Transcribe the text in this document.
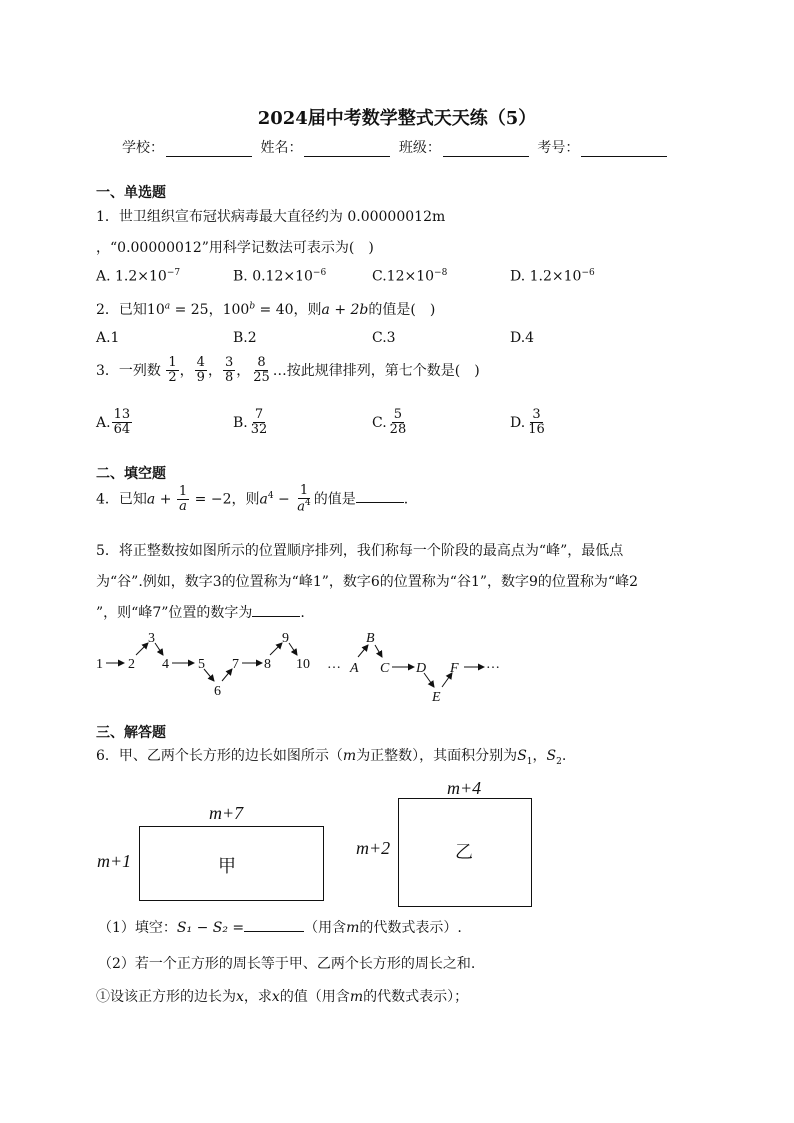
2024届中考数学整式天天练（5）
学校：	姓名：	班级：	考号：
一、单选题
1．世卫组织宣布冠状病毒最大直径约为 0.00000012m
，“0.00000012”用科学记数法可表示为(　)
A. $1.2\times 10^{-7}$	B. $0.12\times 10^{-6}$	$C.12\times 10^{-8}$	D. $1.2\times 10^{-6}$
2．已知$10^a = 25$，$100^b = 40$，则a + 2b的值是(　)
A.1	B.2	C.3	D.4
3．一列数 $\frac{1}{2}$ ， $\frac{4}{9}$ ， $\frac{3}{8}$ ， $\frac{8}{25}$ …按此规律排列，第七个数是(　)
A. $\frac{13}{64}$	B. $\frac{7}{32}$	C. $\frac{5}{28}$	D. $\frac{3}{16}$
二、填空题
4．已知$a + \frac{1}{a} = -2$，则$a^4 - \frac{1}{a^4}$ 的值是	.
5．将正整数按如图所示的位置顺序排列，我们称每一个阶段的最高点为“峰”，最低点
为“谷”.例如，数字3的位置称为“峰1”，数字6的位置称为“谷1”，数字9的位置称为“峰2
”，则“峰7”位置的数字为	.
1 2
3
4 5
6
7 8
9
10 … A
B
C D
E
F …
三、解答题
6．甲、乙两个长方形的边长如图所示（m为正整数），其面积分别为$S_1$，$S_2$.
m+7
m+1	甲
m+4
m+2	乙
（1）填空：S₁ − S₂ =	（用含m的代数式表示）.
（2）若一个正方形的周长等于甲、乙两个长方形的周长之和.
①设该正方形的边长为x，求x的值（用含m的代数式表示）；
